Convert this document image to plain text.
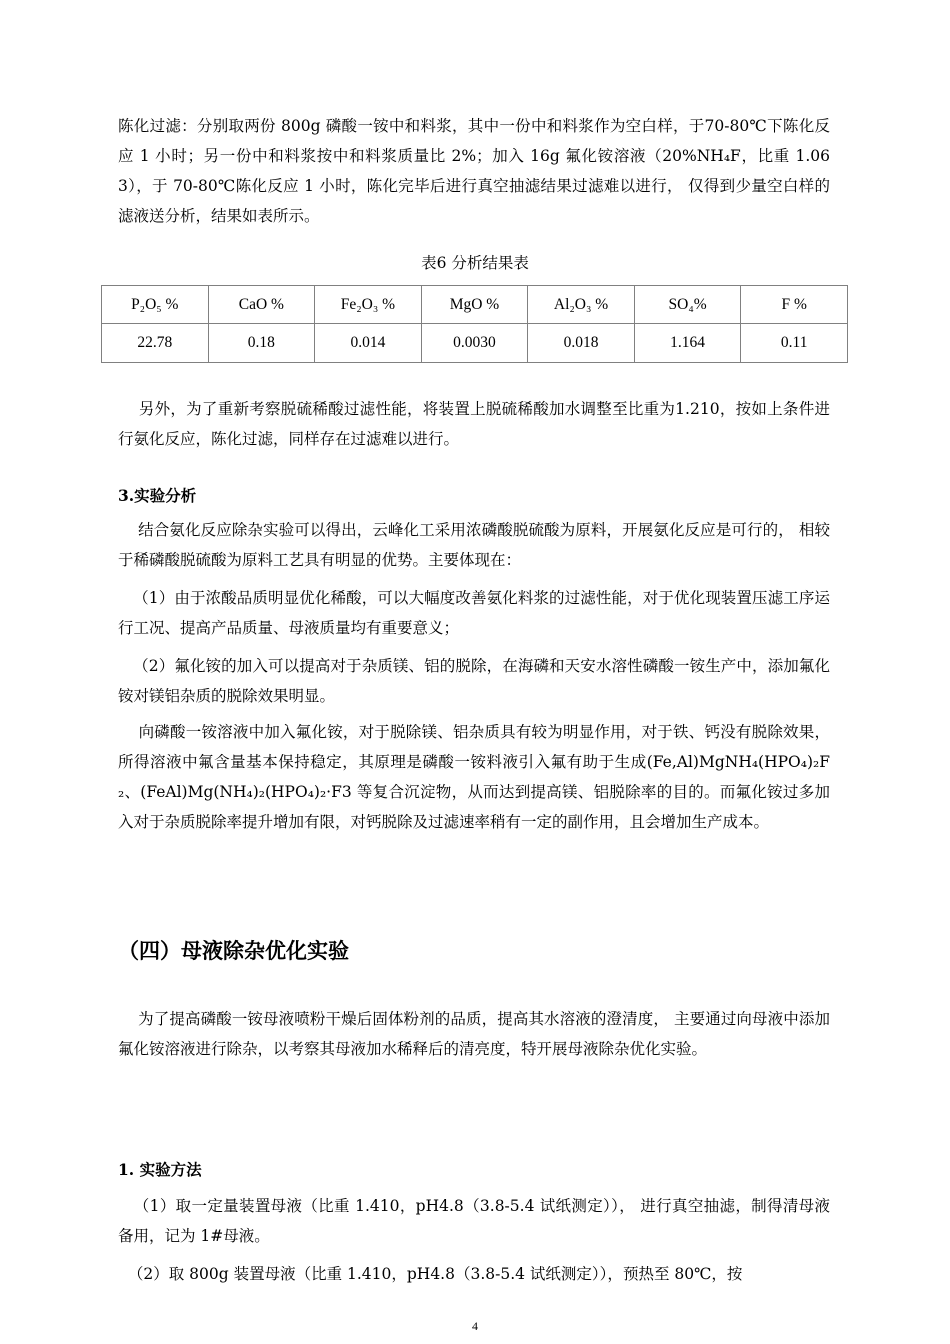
陈化过滤：分别取两份 800g 磷酸一铵中和料浆，其中一份中和料浆作为空白样，于70-80℃下陈化反应 1 小时；另一份中和料浆按中和料浆质量比 2%；加入 16g 氟化铵溶液（20%NH₄F，比重 1.063），于 70-80℃陈化反应 1 小时，陈化完毕后进行真空抽滤结果过滤难以进行， 仅得到少量空白样的滤液送分析，结果如表所示。

表6 分析结果表
P₂O₅ %	CaO %	Fe₂O₃ %	MgO %	Al₂O₃ %	SO₄%	F %
22.78	0.18	0.014	0.0030	0.018	1.164	0.11

另外，为了重新考察脱硫稀酸过滤性能，将装置上脱硫稀酸加水调整至比重为1.210，按如上条件进行氨化反应，陈化过滤，同样存在过滤难以进行。

3.实验分析

结合氨化反应除杂实验可以得出，云峰化工采用浓磷酸脱硫酸为原料，开展氨化反应是可行的， 相较于稀磷酸脱硫酸为原料工艺具有明显的优势。主要体现在：

（1）由于浓酸品质明显优化稀酸，可以大幅度改善氨化料浆的过滤性能，对于优化现装置压滤工序运行工况、提高产品质量、母液质量均有重要意义；

（2）氟化铵的加入可以提高对于杂质镁、铝的脱除，在海磷和天安水溶性磷酸一铵生产中，添加氟化铵对镁铝杂质的脱除效果明显。

向磷酸一铵溶液中加入氟化铵，对于脱除镁、铝杂质具有较为明显作用，对于铁、钙没有脱除效果，所得溶液中氟含量基本保持稳定，其原理是磷酸一铵料液引入氟有助于生成(Fe,Al)MgNH₄(HPO₄)₂F₂、(FeAl)Mg(NH₄)₂(HPO₄)₂·F3 等复合沉淀物，从而达到提高镁、铝脱除率的目的。而氟化铵过多加入对于杂质脱除率提升增加有限，对钙脱除及过滤速率稍有一定的副作用，且会增加生产成本。

（四）母液除杂优化实验

为了提高磷酸一铵母液喷粉干燥后固体粉剂的品质，提高其水溶液的澄清度， 主要通过向母液中添加氟化铵溶液进行除杂，以考察其母液加水稀释后的清亮度，特开展母液除杂优化实验。

1. 实验方法

（1）取一定量装置母液（比重 1.410，pH4.8（3.8-5.4 试纸测定））， 进行真空抽滤，制得清母液备用，记为 1#母液。

（2）取 800g 装置母液（比重 1.410，pH4.8（3.8-5.4 试纸测定）），预热至 80℃，按

4
